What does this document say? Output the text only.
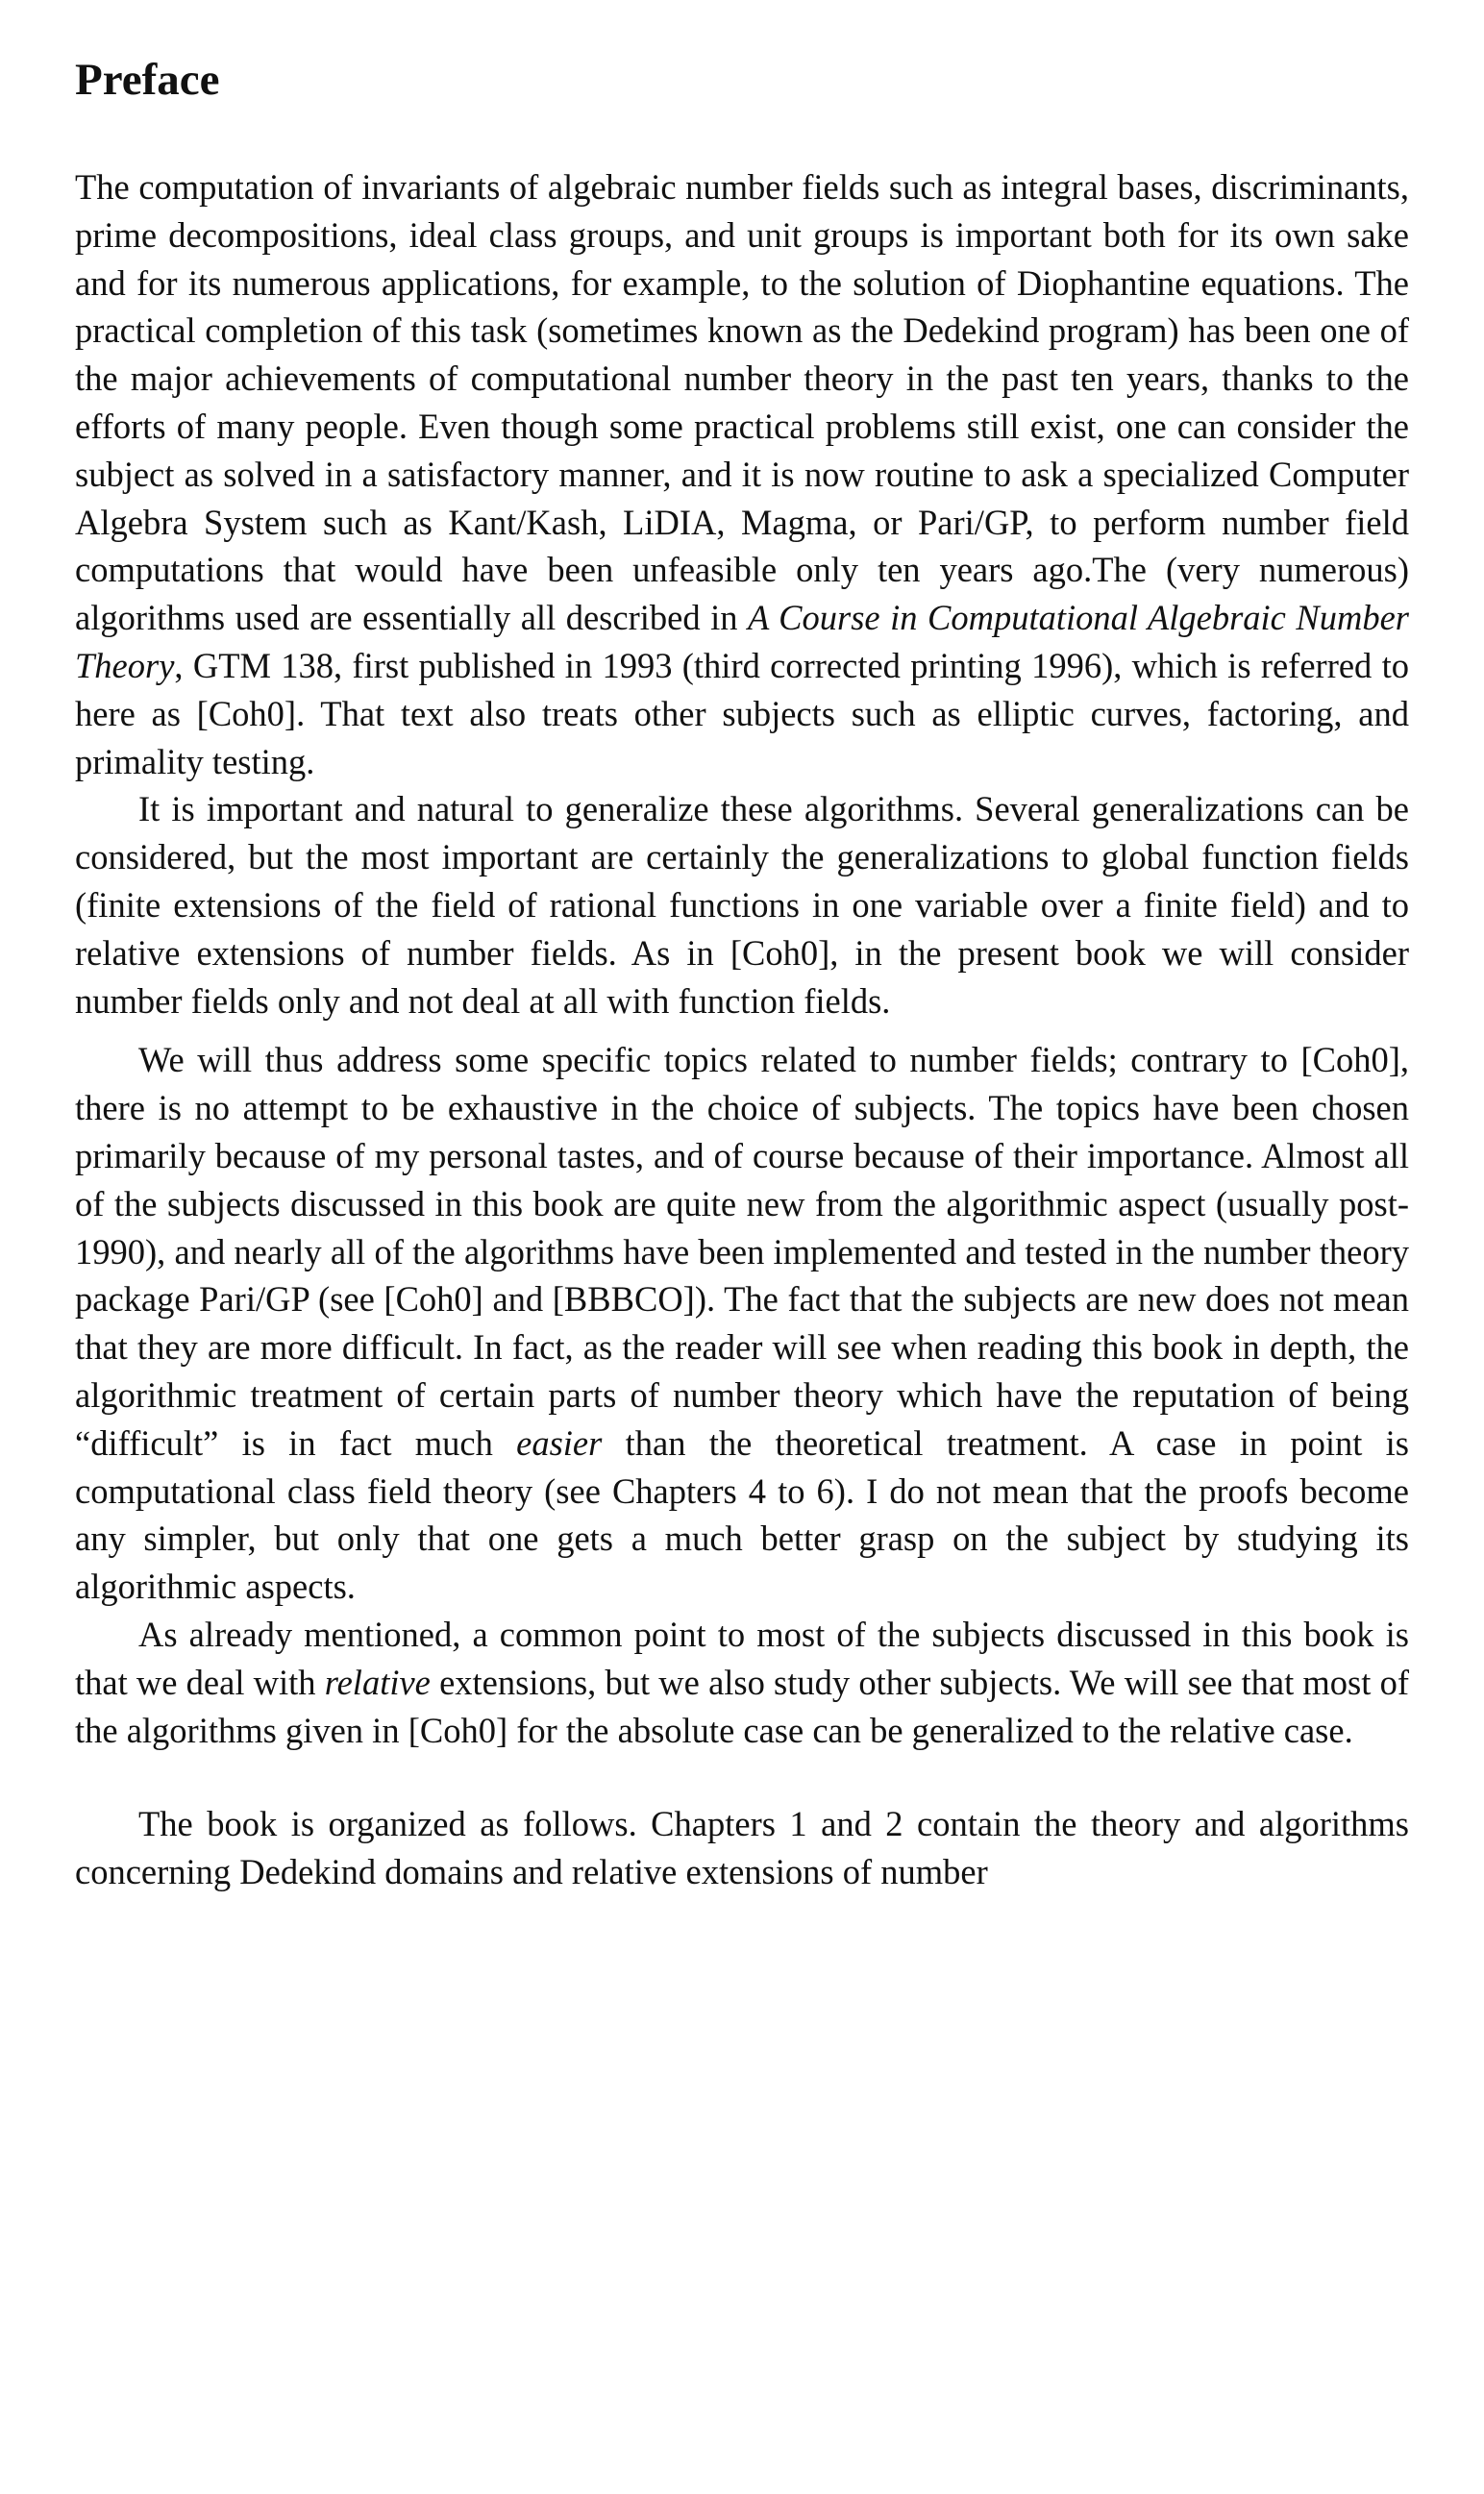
Preface

The computation of invariants of algebraic number fields such as integral bases, discriminants, prime decompositions, ideal class groups, and unit groups is important both for its own sake and for its numerous applications, for example, to the solution of Diophantine equations. The practical completion of this task (sometimes known as the Dedekind program) has been one of the major achievements of computational number theory in the past ten years, thanks to the efforts of many people. Even though some practical problems still exist, one can consider the subject as solved in a satisfactory manner, and it is now routine to ask a specialized Computer Algebra System such as Kant/Kash, LiDIA, Magma, or Pari/GP, to perform number field computations that would have been unfeasible only ten years ago.The (very numerous) algorithms used are essentially all described in A Course in Computational Algebraic Number Theory, GTM 138, first published in 1993 (third corrected printing 1996), which is referred to here as [Coh0]. That text also treats other subjects such as elliptic curves, factoring, and primality testing.

It is important and natural to generalize these algorithms. Several generalizations can be considered, but the most important are certainly the generalizations to global function fields (finite extensions of the field of rational functions in one variable over a finite field) and to relative extensions of number fields. As in [Coh0], in the present book we will consider number fields only and not deal at all with function fields.

We will thus address some specific topics related to number fields; contrary to [Coh0], there is no attempt to be exhaustive in the choice of subjects. The topics have been chosen primarily because of my personal tastes, and of course because of their importance. Almost all of the subjects discussed in this book are quite new from the algorithmic aspect (usually post-1990), and nearly all of the algorithms have been implemented and tested in the number theory package Pari/GP (see [Coh0] and [BBBCO]). The fact that the subjects are new does not mean that they are more difficult. In fact, as the reader will see when reading this book in depth, the algorithmic treatment of certain parts of number theory which have the reputation of being “difficult” is in fact much easier than the theoretical treatment. A case in point is computational class field theory (see Chapters 4 to 6). I do not mean that the proofs become any simpler, but only that one gets a much better grasp on the subject by studying its algorithmic aspects.

As already mentioned, a common point to most of the subjects discussed in this book is that we deal with relative extensions, but we also study other subjects. We will see that most of the algorithms given in [Coh0] for the absolute case can be generalized to the relative case.

The book is organized as follows. Chapters 1 and 2 contain the theory and algorithms concerning Dedekind domains and relative extensions of number
